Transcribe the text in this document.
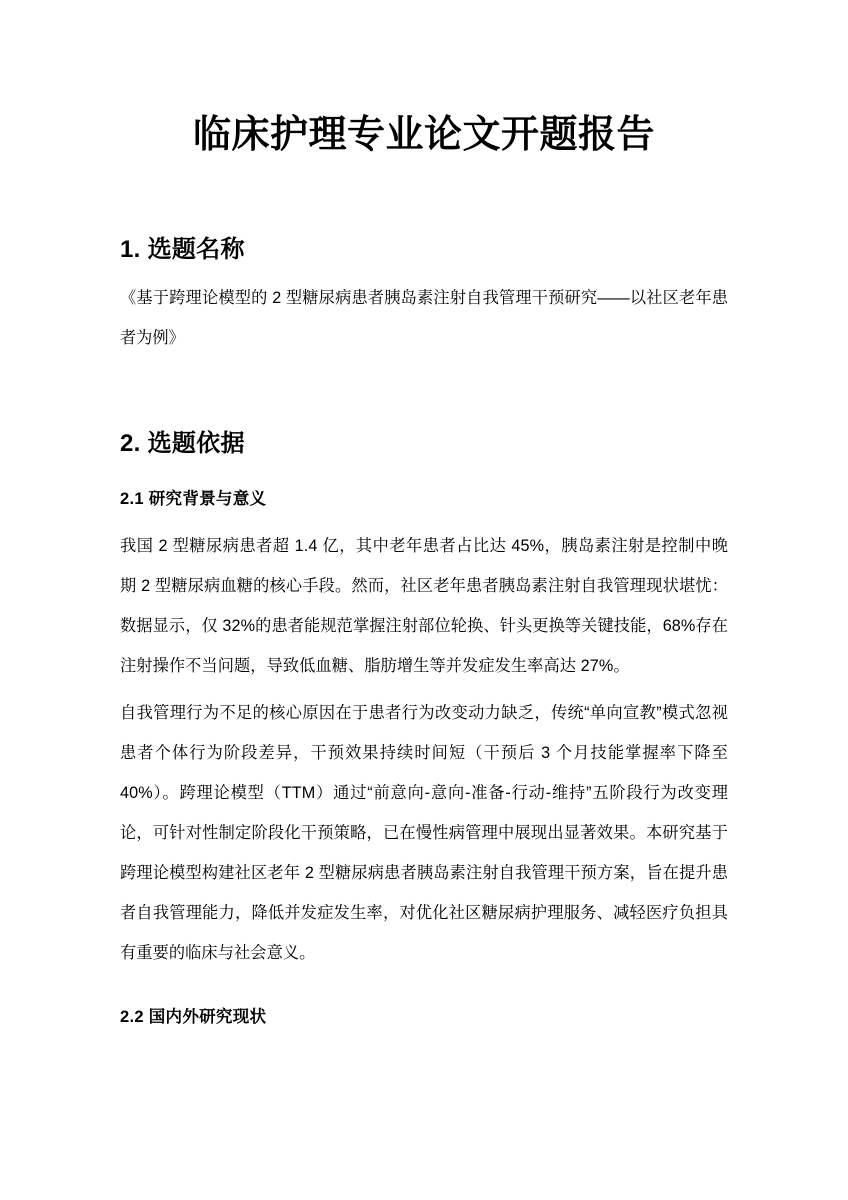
临床护理专业论文开题报告
1. 选题名称

《基于跨理论模型的 2 型糖尿病患者胰岛素注射自我管理干预研究——以社区老年患者为例》

2. 选题依据
2.1 研究背景与意义

我国 2 型糖尿病患者超 1.4 亿，其中老年患者占比达 45%，胰岛素注射是控制中晚期 2 型糖尿病血糖的核心手段。然而，社区老年患者胰岛素注射自我管理现状堪忧：数据显示，仅 32%的患者能规范掌握注射部位轮换、针头更换等关键技能，68%存在注射操作不当问题，导致低血糖、脂肪增生等并发症发生率高达 27%。

自我管理行为不足的核心原因在于患者行为改变动力缺乏，传统“单向宣教”模式忽视患者个体行为阶段差异，干预效果持续时间短（干预后 3 个月技能掌握率下降至 40%）。跨理论模型（TTM）通过“前意向-意向-准备-行动-维持”五阶段行为改变理论，可针对性制定阶段化干预策略，已在慢性病管理中展现出显著效果。本研究基于跨理论模型构建社区老年 2 型糖尿病患者胰岛素注射自我管理干预方案，旨在提升患者自我管理能力，降低并发症发生率，对优化社区糖尿病护理服务、减轻医疗负担具有重要的临床与社会意义。

2.2 国内外研究现状
